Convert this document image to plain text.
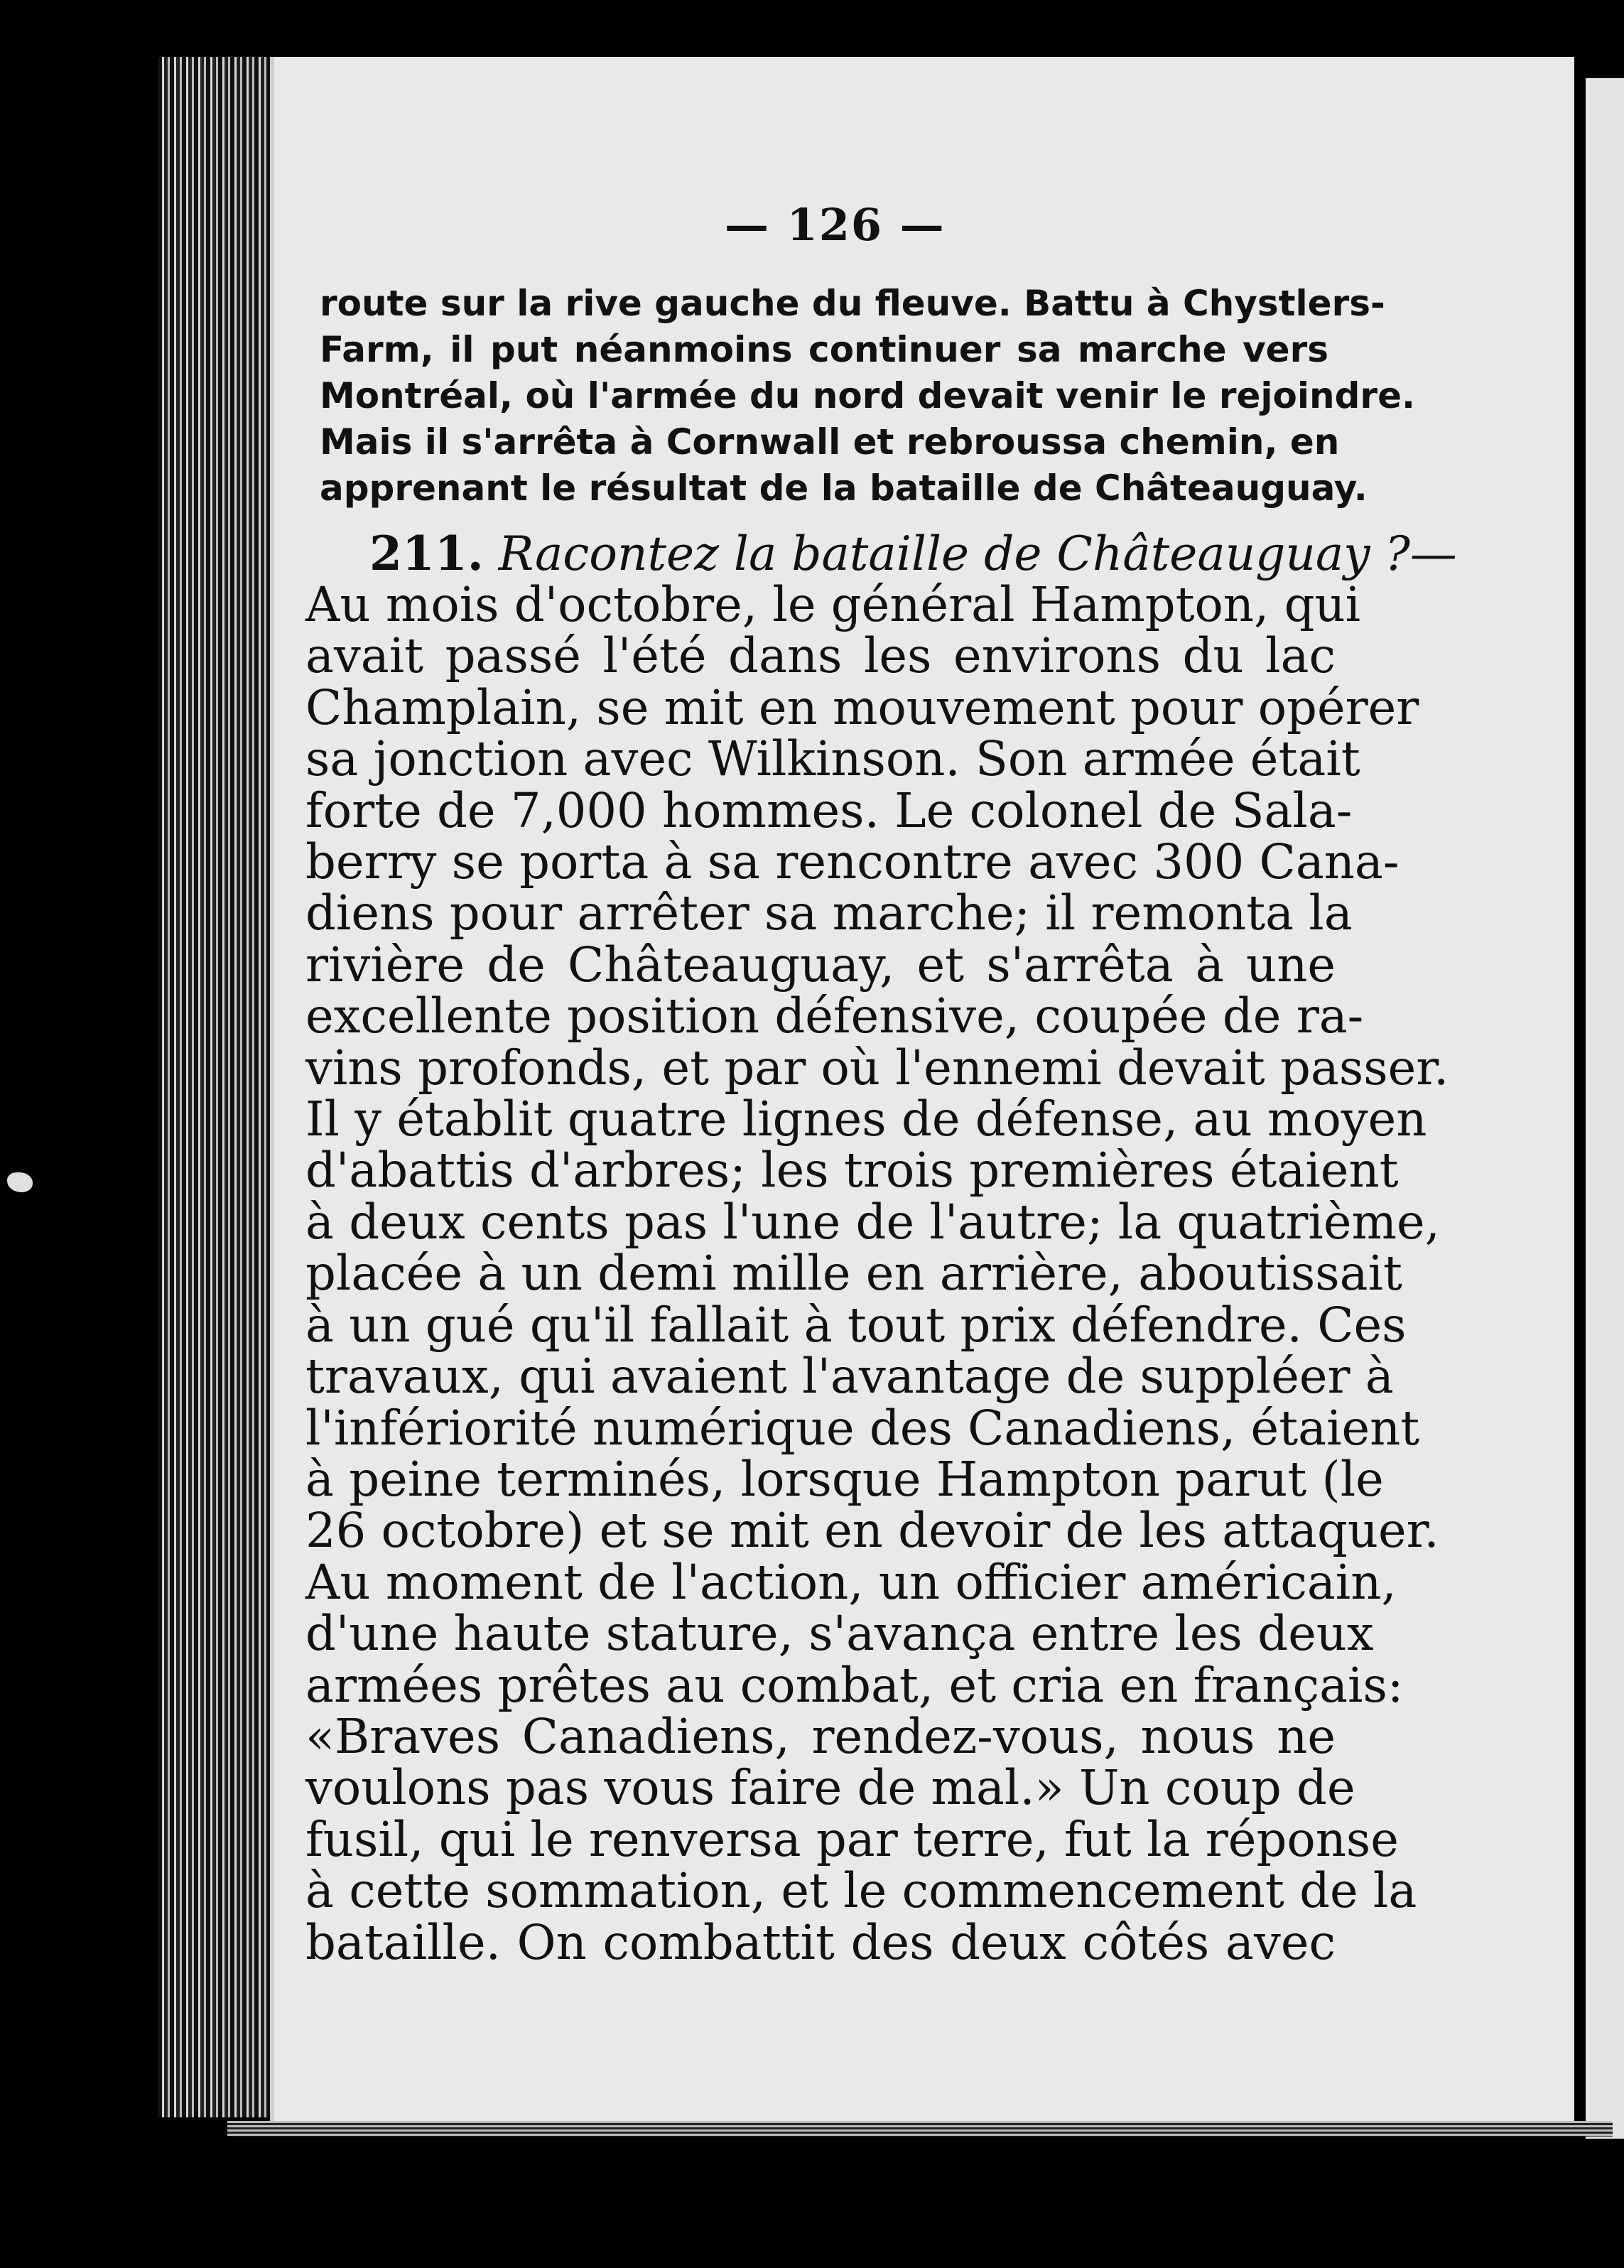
— 126 —
route sur la rive gauche du fleuve. Battu à Chystlers-
Farm, il put néanmoins continuer sa marche vers
Montréal, où l'armée du nord devait venir le rejoindre.
Mais il s'arrêta à Cornwall et rebroussa chemin, en
apprenant le résultat de la bataille de Châteauguay.
211. Racontez la bataille de Châteauguay ?—
Au mois d'octobre, le général Hampton, qui
avait passé l'été dans les environs du lac
Champlain, se mit en mouvement pour opérer
sa jonction avec Wilkinson. Son armée était
forte de 7,000 hommes. Le colonel de Sala-
berry se porta à sa rencontre avec 300 Cana-
diens pour arrêter sa marche; il remonta la
rivière de Châteauguay, et s'arrêta à une
excellente position défensive, coupée de ra-
vins profonds, et par où l'ennemi devait passer.
Il y établit quatre lignes de défense, au moyen
d'abattis d'arbres; les trois premières étaient
à deux cents pas l'une de l'autre; la quatrième,
placée à un demi mille en arrière, aboutissait
à un gué qu'il fallait à tout prix défendre. Ces
travaux, qui avaient l'avantage de suppléer à
l'infériorité numérique des Canadiens, étaient
à peine terminés, lorsque Hampton parut (le
26 octobre) et se mit en devoir de les attaquer.
Au moment de l'action, un officier américain,
d'une haute stature, s'avança entre les deux
armées prêtes au combat, et cria en français:
«Braves Canadiens, rendez-vous, nous ne
voulons pas vous faire de mal.» Un coup de
fusil, qui le renversa par terre, fut la réponse
à cette sommation, et le commencement de la
bataille. On combattit des deux côtés avec
